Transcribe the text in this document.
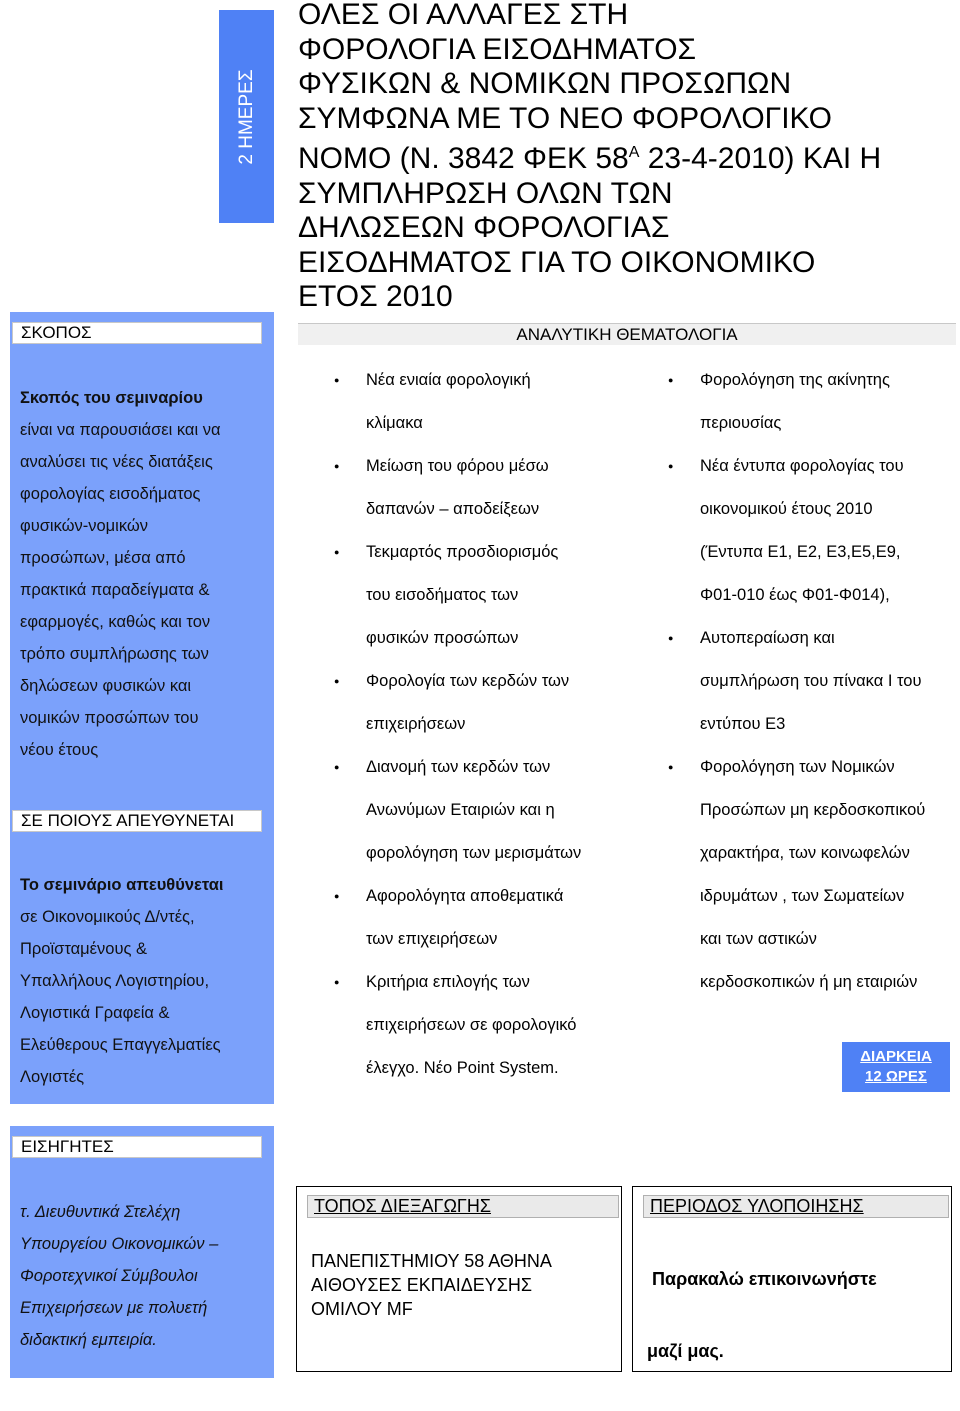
2 ΗΜΕΡΕΣ
ΟΛΕΣ ΟΙ ΑΛΛΑΓΕΣ ΣΤΗ
ΦΟΡΟΛΟΓΙΑ ΕΙΣΟΔΗΜΑΤΟΣ
ΦΥΣΙΚΩΝ & ΝΟΜΙΚΩΝ ΠΡΟΣΩΠΩΝ
ΣΥΜΦΩΝΑ ΜΕ ΤΟ ΝΕΟ ΦΟΡΟΛΟΓΙΚΟ
ΝΟΜΟ (Ν. 3842 ΦΕΚ $58^A$ 23-4-2010) ΚΑΙ Η
ΣΥΜΠΛΗΡΩΣΗ ΟΛΩΝ ΤΩΝ
ΔΗΛΩΣΕΩΝ ΦΟΡΟΛΟΓΙΑΣ
ΕΙΣΟΔΗΜΑΤΟΣ ΓΙΑ ΤΟ ΟΙΚΟΝΟΜΙΚΟ
ΕΤΟΣ 2010
ΣΚΟΠΟΣ
Σκοπός του σεμιναρίου
είναι να παρουσιάσει και να
αναλύσει τις νέες διατάξεις
φορολογίας εισοδήματος
φυσικών-νομικών
προσώπων, μέσα από
πρακτικά παραδείγματα &
εφαρμογές, καθώς και τον
τρόπο συμπλήρωσης των
δηλώσεων φυσικών και
νομικών προσώπων του
νέου έτους
ΣΕ ΠΟΙΟΥΣ ΑΠΕΥΘΥΝΕΤΑΙ
Το σεμινάριο απευθύνεται
σε Οικονομικούς Δ/ντές,
Προϊσταμένους &
Υπαλλήλους Λογιστηρίου,
Λογιστικά Γραφεία &
Ελεύθερους Επαγγελματίες
Λογιστές
ΕΙΣΗΓΗΤΕΣ
τ. Διευθυντικά Στελέχη
Υπουργείου Οικονομικών –
Φοροτεχνικοί Σύμβουλοι
Επιχειρήσεων με πολυετή
διδακτική εμπειρία.
ΑΝΑΛΥΤΙΚΗ ΘΕΜΑΤΟΛΟΓΙΑ
● Νέα ενιαία φορολογική
κλίμακα
● Μείωση του φόρου μέσω
δαπανών – αποδείξεων
● Τεκμαρτός προσδιορισμός
του εισοδήματος των
φυσικών προσώπων
● Φορολογία των κερδών των
επιχειρήσεων
● Διανομή των κερδών των
Ανωνύμων Εταιριών και η
φορολόγηση των μερισμάτων
● Αφορολόγητα αποθεματικά
των επιχειρήσεων
● Κριτήρια επιλογής των
επιχειρήσεων σε φορολογικό
έλεγχο. Νέο Point System.
● Φορολόγηση της ακίνητης
περιουσίας
● Νέα έντυπα φορολογίας του
οικονομικού έτους 2010
(Έντυπα Ε1, Ε2, Ε3,Ε5,Ε9,
Φ01-010 έως Φ01-Φ014),
● Αυτοπεραίωση και
συμπλήρωση του πίνακα Ι του
εντύπου Ε3
● Φορολόγηση των Νομικών
Προσώπων μη κερδοσκοπικού
χαρακτήρα, των κοινωφελών
ιδρυμάτων , των Σωματείων
και των αστικών
κερδοσκοπικών ή μη εταιριών
ΔΙΑΡΚΕΙΑ
12 ΩΡΕΣ
ΤΟΠΟΣ ΔΙΕΞΑΓΩΓΗΣ
ΠΑΝΕΠΙΣΤΗΜΙΟΥ 58 ΑΘΗΝΑ
ΑΙΘΟΥΣΕΣ ΕΚΠΑΙΔΕΥΣΗΣ
ΟΜΙΛΟΥ MF
ΠΕΡΙΟΔΟΣ ΥΛΟΠΟΙΗΣΗΣ

Παρακαλώ επικοινωνήστε

μαζί μας.
